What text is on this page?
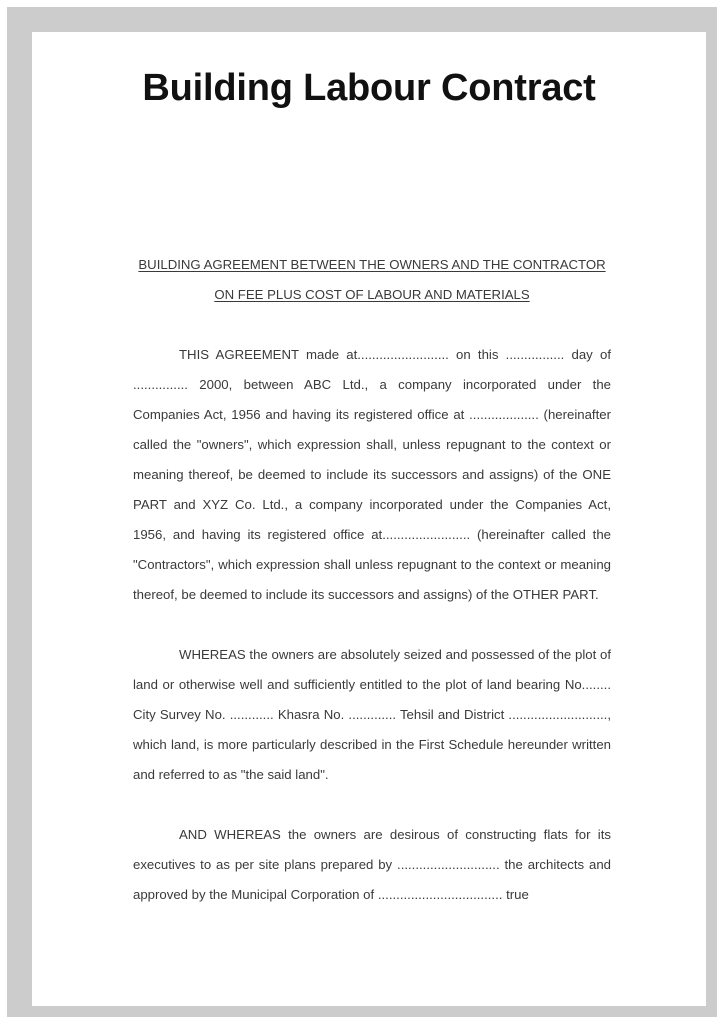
Building Labour Contract
BUILDING AGREEMENT BETWEEN THE OWNERS AND THE CONTRACTOR
ON FEE PLUS COST OF LABOUR AND MATERIALS

THIS AGREEMENT made at......................... on this ................ day of ............... 2000, between ABC Ltd., a company incorporated under the Companies Act, 1956 and having its registered office at ................... (hereinafter called the "owners", which expression shall, unless repugnant to the context or meaning thereof, be deemed to include its successors and assigns) of the ONE PART and XYZ Co. Ltd., a company incorporated under the Companies Act, 1956, and having its registered office at........................ (hereinafter called the "Contractors", which expression shall unless repugnant to the context or meaning thereof, be deemed to include its successors and assigns) of the OTHER PART.

WHEREAS the owners are absolutely seized and possessed of the plot of land or otherwise well and sufficiently entitled to the plot of land bearing No........ City Survey No. ............ Khasra No. ............. Tehsil and District ..........................., which land, is more particularly described in the First Schedule hereunder written and referred to as "the said land".

AND WHEREAS the owners are desirous of constructing flats for its executives to as per site plans prepared by ............................ the architects and approved by the Municipal Corporation of .................................. true
